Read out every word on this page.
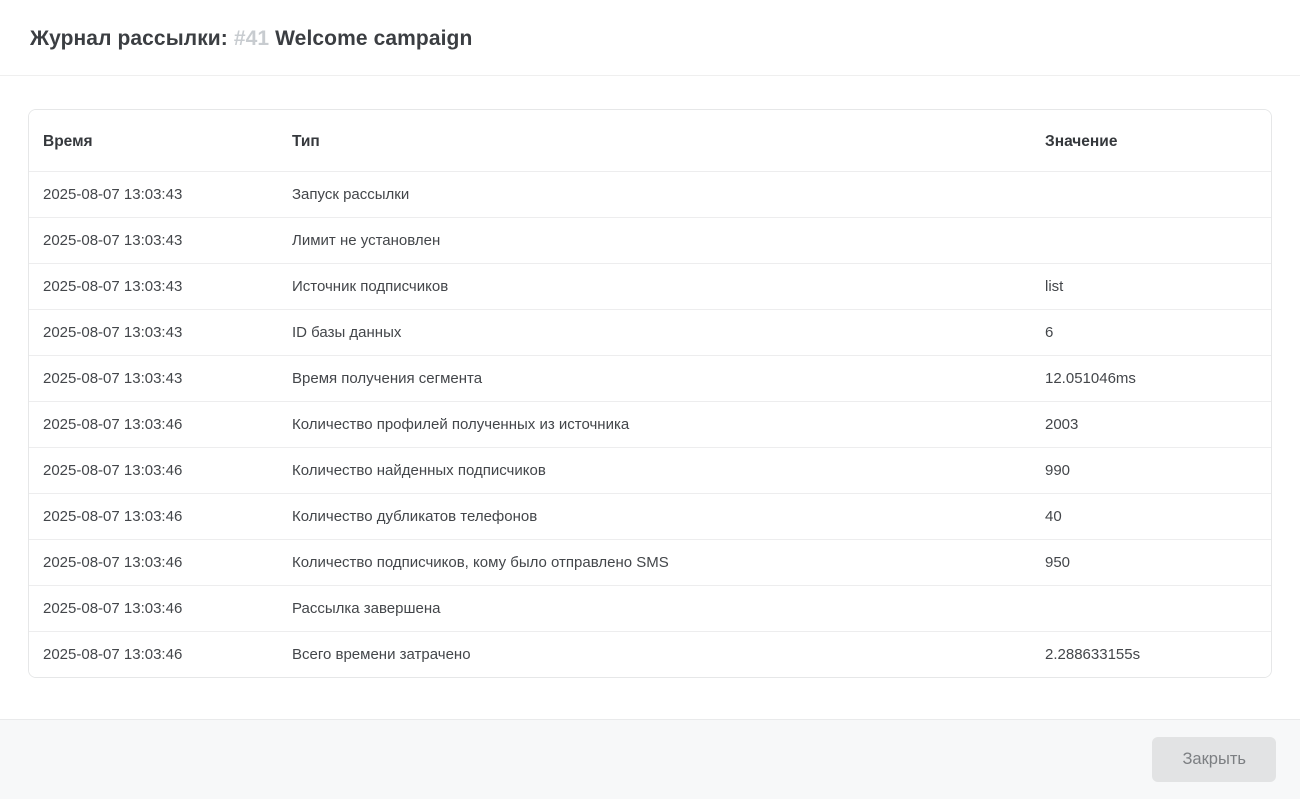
Журнал рассылки: #41 Welcome campaign
Время	Тип	Значение
2025-08-07 13:03:43	Запуск рассылки	
2025-08-07 13:03:43	Лимит не установлен	
2025-08-07 13:03:43	Источник подписчиков	list
2025-08-07 13:03:43	ID базы данных	6
2025-08-07 13:03:43	Время получения сегмента	12.051046ms
2025-08-07 13:03:46	Количество профилей полученных из источника	2003
2025-08-07 13:03:46	Количество найденных подписчиков	990
2025-08-07 13:03:46	Количество дубликатов телефонов	40
2025-08-07 13:03:46	Количество подписчиков, кому было отправлено SMS	950
2025-08-07 13:03:46	Рассылка завершена	
2025-08-07 13:03:46	Всего времени затрачено	2.288633155s
Закрыть
